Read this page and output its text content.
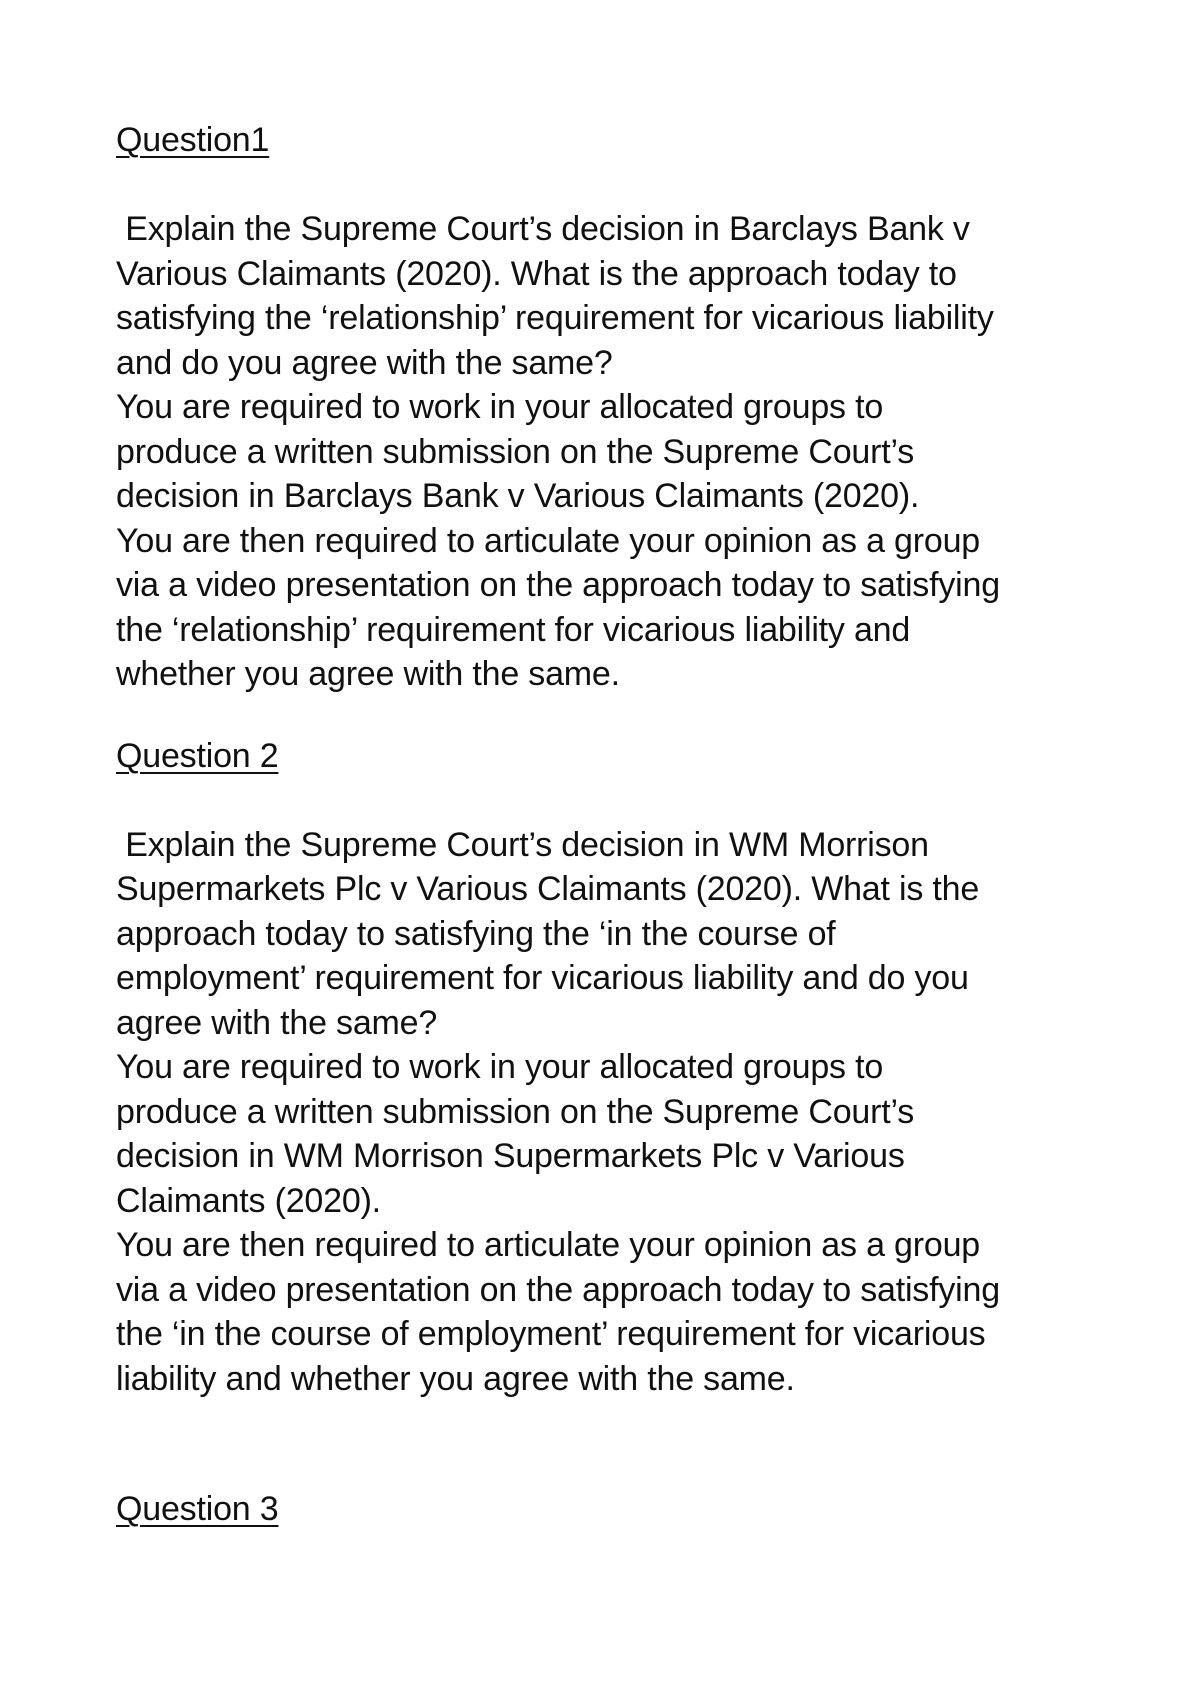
Question1
Explain the Supreme Court’s decision in Barclays Bank v
Various Claimants (2020). What is the approach today to
satisfying the ‘relationship’ requirement for vicarious liability
and do you agree with the same?
You are required to work in your allocated groups to
produce a written submission on the Supreme Court’s
decision in Barclays Bank v Various Claimants (2020).
You are then required to articulate your opinion as a group
via a video presentation on the approach today to satisfying
the ‘relationship’ requirement for vicarious liability and
whether you agree with the same.
Question 2
Explain the Supreme Court’s decision in WM Morrison
Supermarkets Plc v Various Claimants (2020). What is the
approach today to satisfying the ‘in the course of
employment’ requirement for vicarious liability and do you
agree with the same?
You are required to work in your allocated groups to
produce a written submission on the Supreme Court’s
decision in WM Morrison Supermarkets Plc v Various
Claimants (2020).
You are then required to articulate your opinion as a group
via a video presentation on the approach today to satisfying
the ‘in the course of employment’ requirement for vicarious
liability and whether you agree with the same.
Question 3
